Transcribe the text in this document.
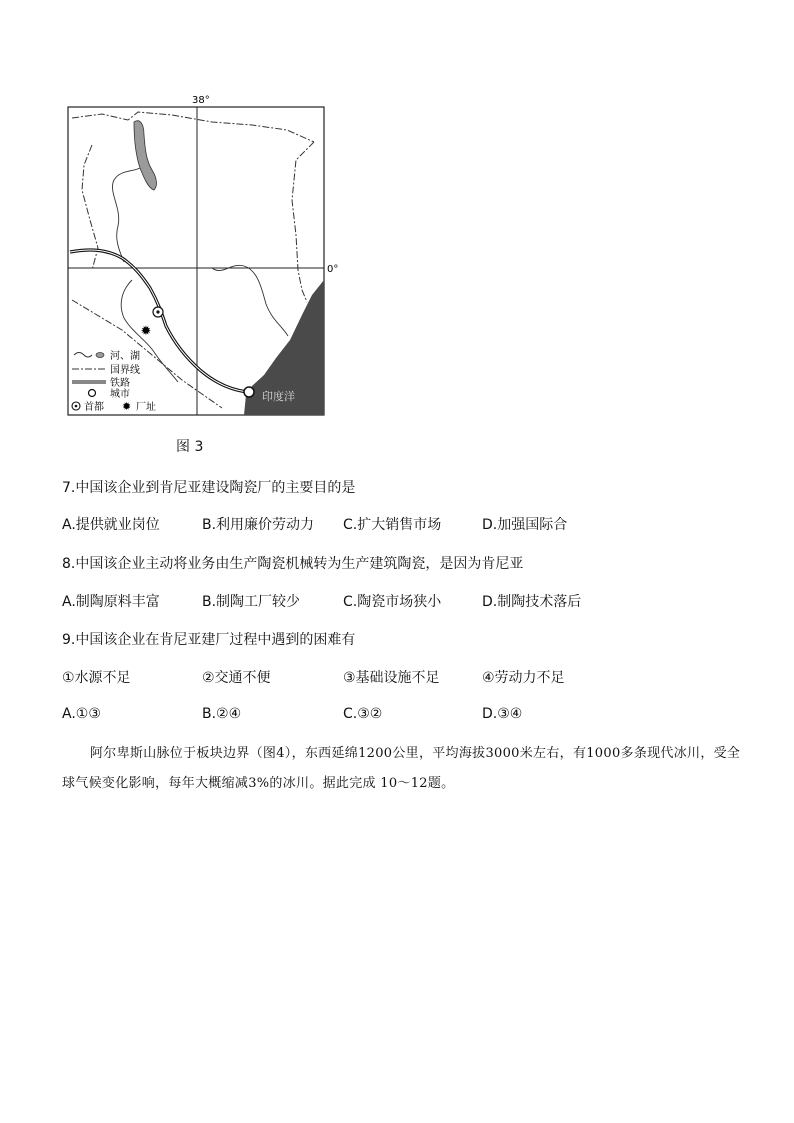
38°
0°
印度洋
✹
河、湖
国界线
铁路
城市
首都 ✹ 厂址
图 3
7.中国该企业到肯尼亚建设陶瓷厂的主要目的是
A.提供就业岗位	B.利用廉价劳动力 C.扩大销售市场	D.加强国际合
8.中国该企业主动将业务由生产陶瓷机械转为生产建筑陶瓷，是因为肯尼亚
A.制陶原料丰富	B.制陶工厂较少	C.陶瓷市场狭小	D.制陶技术落后
9.中国该企业在肯尼亚建厂过程中遇到的困难有
①水源不足	②交通不便	③基础设施不足	④劳动力不足
A.①③	B.②④	C.③②	D.③④
阿尔卑斯山脉位于板块边界（图4），东西延绵1200公里，平均海拔3000米左右，有1000多条现代冰川，受全球气候变化影响，每年大概缩减3%的冰川。据此完成 10～12题。
